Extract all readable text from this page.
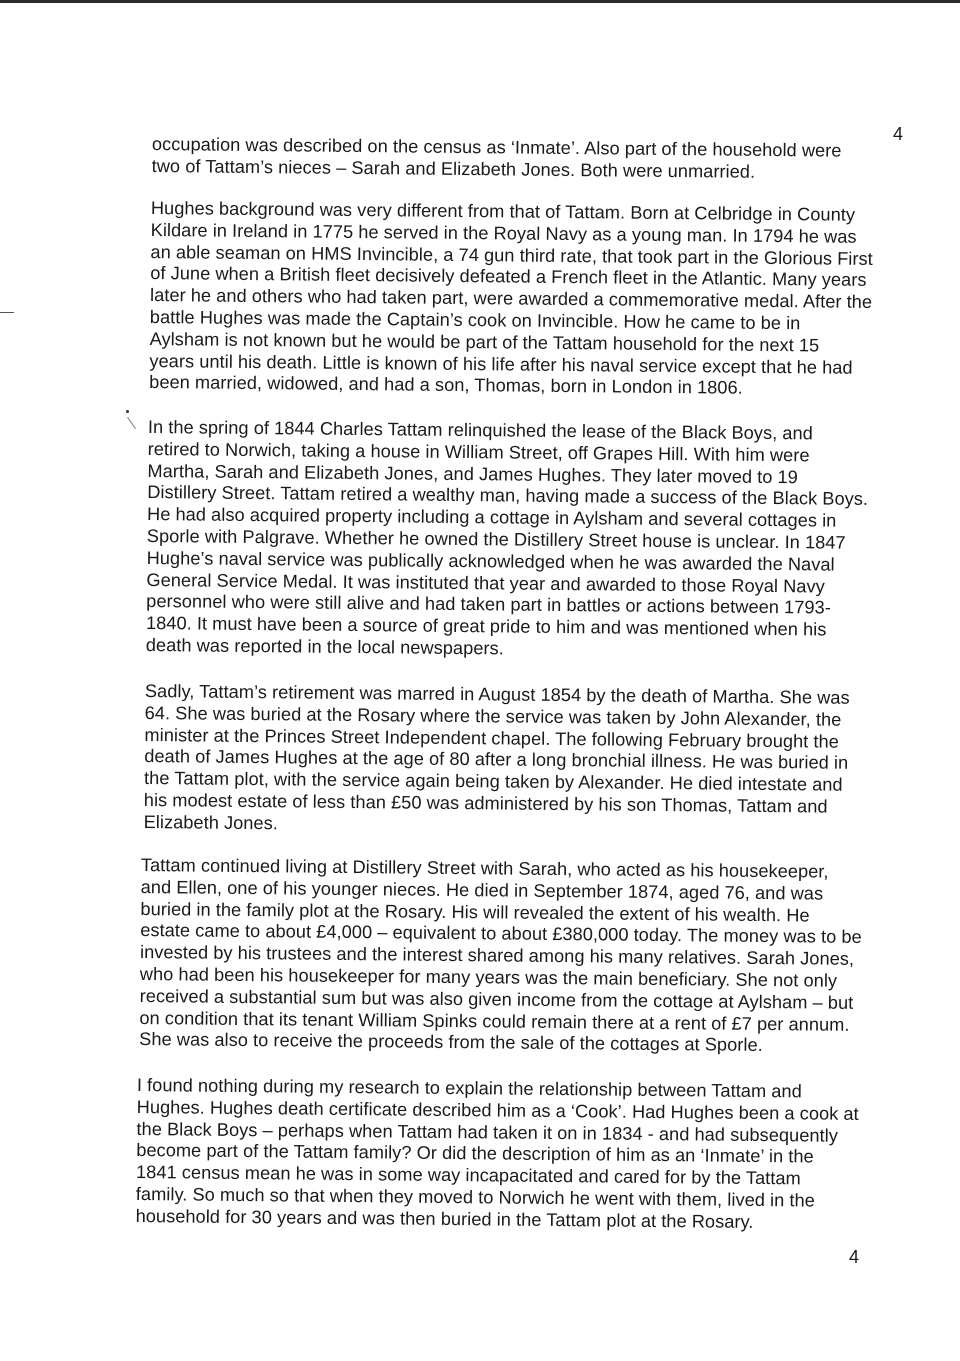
4

occupation was described on the census as ‘Inmate’. Also part of the household were
two of Tattam’s nieces – Sarah and Elizabeth Jones. Both were unmarried.

Hughes background was very different from that of Tattam. Born at Celbridge in County
Kildare in Ireland in 1775 he served in the Royal Navy as a young man. In 1794 he was
an able seaman on HMS Invincible, a 74 gun third rate, that took part in the Glorious First
of June when a British fleet decisively defeated a French fleet in the Atlantic. Many years
later he and others who had taken part, were awarded a commemorative medal. After the
battle Hughes was made the Captain’s cook on Invincible. How he came to be in
Aylsham is not known but he would be part of the Tattam household for the next 15
years until his death. Little is known of his life after his naval service except that he had
been married, widowed, and had a son, Thomas, born in London in 1806.

In the spring of 1844 Charles Tattam relinquished the lease of the Black Boys, and
retired to Norwich, taking a house in William Street, off Grapes Hill. With him were
Martha, Sarah and Elizabeth Jones, and James Hughes. They later moved to 19
Distillery Street. Tattam retired a wealthy man, having made a success of the Black Boys.
He had also acquired property including a cottage in Aylsham and several cottages in
Sporle with Palgrave. Whether he owned the Distillery Street house is unclear. In 1847
Hughe’s naval service was publically acknowledged when he was awarded the Naval
General Service Medal. It was instituted that year and awarded to those Royal Navy
personnel who were still alive and had taken part in battles or actions between 1793-
1840. It must have been a source of great pride to him and was mentioned when his
death was reported in the local newspapers.

Sadly, Tattam’s retirement was marred in August 1854 by the death of Martha. She was
64. She was buried at the Rosary where the service was taken by John Alexander, the
minister at the Princes Street Independent chapel. The following February brought the
death of James Hughes at the age of 80 after a long bronchial illness. He was buried in
the Tattam plot, with the service again being taken by Alexander. He died intestate and
his modest estate of less than £50 was administered by his son Thomas, Tattam and
Elizabeth Jones.

Tattam continued living at Distillery Street with Sarah, who acted as his housekeeper,
and Ellen, one of his younger nieces. He died in September 1874, aged 76, and was
buried in the family plot at the Rosary. His will revealed the extent of his wealth. He
estate came to about £4,000 – equivalent to about £380,000 today. The money was to be
invested by his trustees and the interest shared among his many relatives. Sarah Jones,
who had been his housekeeper for many years was the main beneficiary. She not only
received a substantial sum but was also given income from the cottage at Aylsham – but
on condition that its tenant William Spinks could remain there at a rent of £7 per annum.
She was also to receive the proceeds from the sale of the cottages at Sporle.

I found nothing during my research to explain the relationship between Tattam and
Hughes. Hughes death certificate described him as a ‘Cook’. Had Hughes been a cook at
the Black Boys – perhaps when Tattam had taken it on in 1834 - and had subsequently
become part of the Tattam family? Or did the description of him as an ‘Inmate’ in the
1841 census mean he was in some way incapacitated and cared for by the Tattam
family. So much so that when they moved to Norwich he went with them, lived in the
household for 30 years and was then buried in the Tattam plot at the Rosary.

4
